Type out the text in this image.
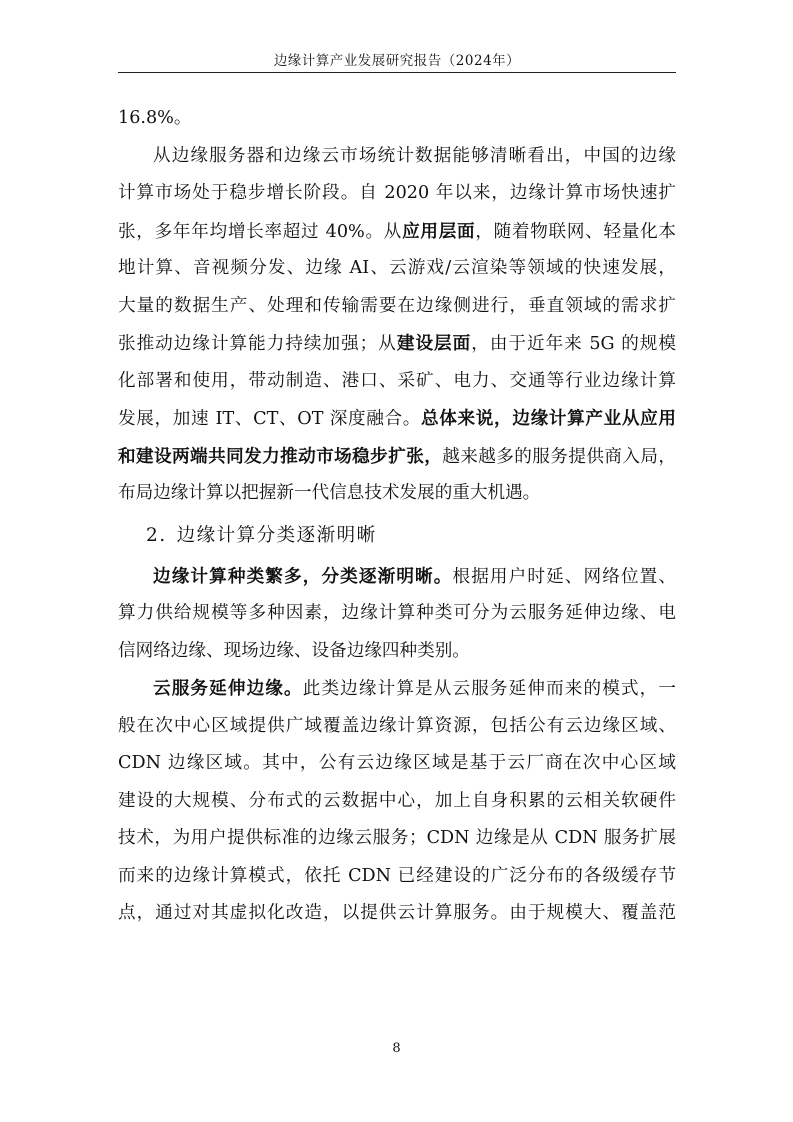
边缘计算产业发展研究报告（2024年）
16.8%。
从边缘服务器和边缘云市场统计数据能够清晰看出，中国的边缘
计算市场处于稳步增长阶段。自 2020 年以来，边缘计算市场快速扩
张，多年年均增长率超过 40%。从应用层面，随着物联网、轻量化本
地计算、音视频分发、边缘 AI、云游戏/云渲染等领域的快速发展，
大量的数据生产、处理和传输需要在边缘侧进行，垂直领域的需求扩
张推动边缘计算能力持续加强；从建设层面，由于近年来 5G 的规模
化部署和使用，带动制造、港口、采矿、电力、交通等行业边缘计算
发展，加速 IT、CT、OT 深度融合。总体来说，边缘计算产业从应用
和建设两端共同发力推动市场稳步扩张，越来越多的服务提供商入局，
布局边缘计算以把握新一代信息技术发展的重大机遇。
2. 边缘计算分类逐渐明晰
边缘计算种类繁多，分类逐渐明晰。根据用户时延、网络位置、
算力供给规模等多种因素，边缘计算种类可分为云服务延伸边缘、电
信网络边缘、现场边缘、设备边缘四种类别。
云服务延伸边缘。此类边缘计算是从云服务延伸而来的模式，一
般在次中心区域提供广域覆盖边缘计算资源，包括公有云边缘区域、
CDN 边缘区域。其中，公有云边缘区域是基于云厂商在次中心区域
建设的大规模、分布式的云数据中心，加上自身积累的云相关软硬件
技术，为用户提供标准的边缘云服务；CDN 边缘是从 CDN 服务扩展
而来的边缘计算模式，依托 CDN 已经建设的广泛分布的各级缓存节
点，通过对其虚拟化改造，以提供云计算服务。由于规模大、覆盖范
8
